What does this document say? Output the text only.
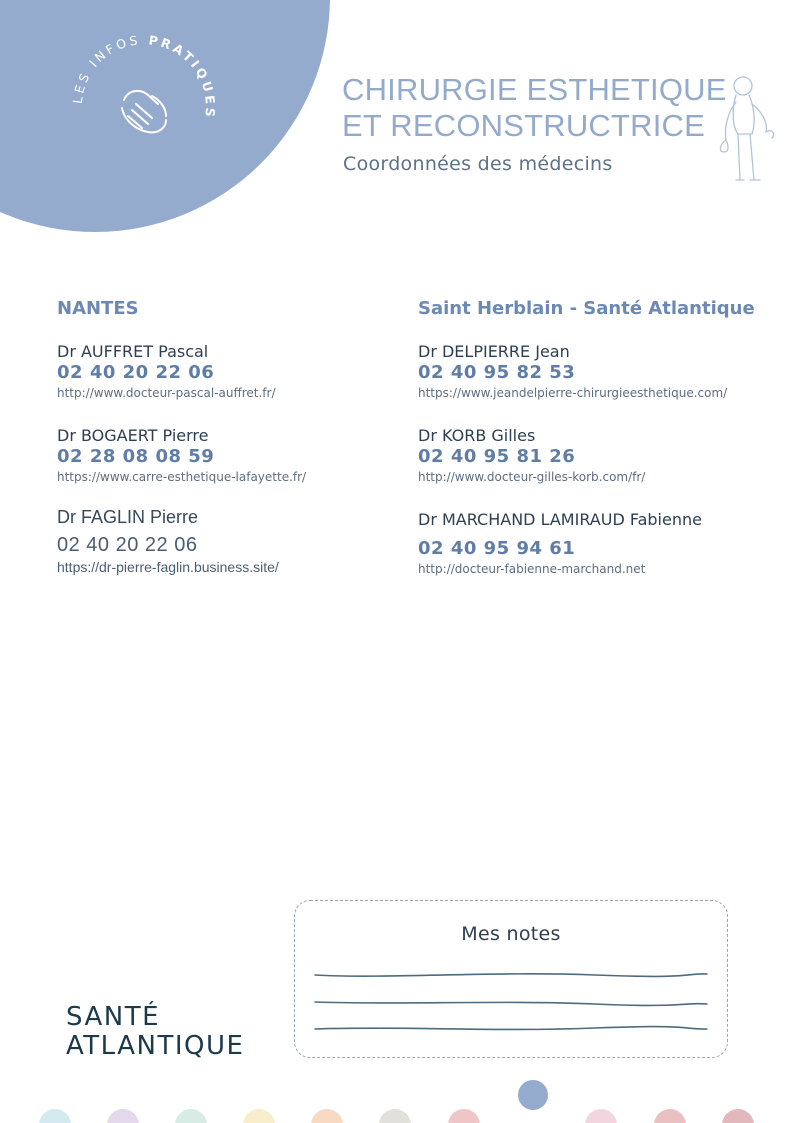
LES INFOS PRATIQUES
CHIRURGIE ESTHETIQUE
ET RECONSTRUCTRICE
Coordonnées des médecins
NANTES
Dr AUFFRET Pascal
02 40 20 22 06
http://www.docteur-pascal-auffret.fr/
Dr BOGAERT Pierre
02 28 08 08 59
https://www.carre-esthetique-lafayette.fr/
Dr FAGLIN Pierre
02 40 20 22 06
https://dr-pierre-faglin.business.site/
Saint Herblain - Santé Atlantique
Dr DELPIERRE Jean
02 40 95 82 53
https://www.jeandelpierre-chirurgieesthetique.com/
Dr KORB Gilles
02 40 95 81 26
http://www.docteur-gilles-korb.com/fr/
Dr MARCHAND LAMIRAUD Fabienne
02 40 95 94 61
http://docteur-fabienne-marchand.net
SANTÉ
ATLANTIQUE
Mes notes
